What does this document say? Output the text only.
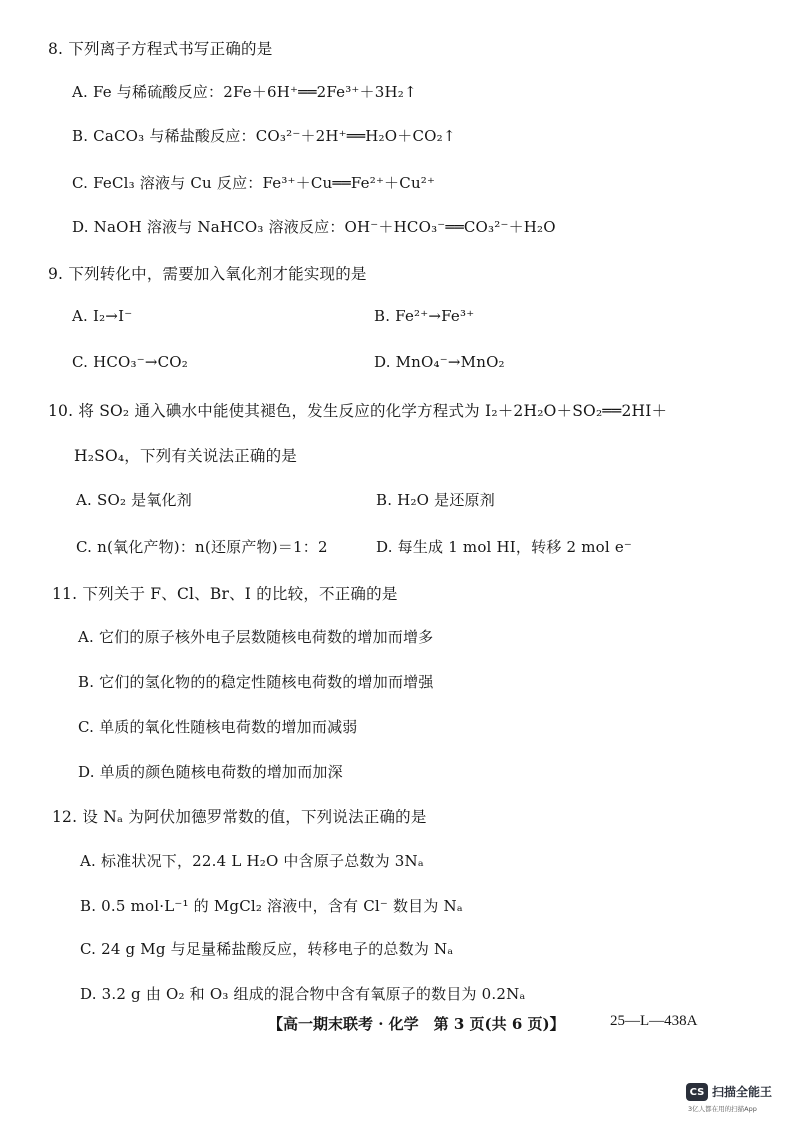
8. 下列离子方程式书写正确的是
A. Fe 与稀硫酸反应：2Fe＋6H⁺══2Fe³⁺＋3H₂↑
B. CaCO₃ 与稀盐酸反应：CO₃²⁻＋2H⁺══H₂O＋CO₂↑
C. FeCl₃ 溶液与 Cu 反应：Fe³⁺＋Cu══Fe²⁺＋Cu²⁺
D. NaOH 溶液与 NaHCO₃ 溶液反应：OH⁻＋HCO₃⁻══CO₃²⁻＋H₂O
9. 下列转化中，需要加入氧化剂才能实现的是
A. I₂→I⁻	B. Fe²⁺→Fe³⁺
C. HCO₃⁻→CO₂	D. MnO₄⁻→MnO₂
10. 将 SO₂ 通入碘水中能使其褪色，发生反应的化学方程式为 I₂＋2H₂O＋SO₂══2HI＋
H₂SO₄，下列有关说法正确的是
A. SO₂ 是氧化剂	B. H₂O 是还原剂
C. n(氧化产物)：n(还原产物)＝1：2	D. 每生成 1 mol HI，转移 2 mol e⁻
11. 下列关于 F、Cl、Br、I 的比较，不正确的是
A. 它们的原子核外电子层数随核电荷数的增加而增多
B. 它们的氢化物的的稳定性随核电荷数的增加而增强
C. 单质的氧化性随核电荷数的增加而减弱
D. 单质的颜色随核电荷数的增加而加深
12. 设 Nₐ 为阿伏加德罗常数的值，下列说法正确的是
A. 标准状况下，22.4 L H₂O 中含原子总数为 3Nₐ
B. 0.5 mol·L⁻¹ 的 MgCl₂ 溶液中，含有 Cl⁻ 数目为 Nₐ
C. 24 g Mg 与足量稀盐酸反应，转移电子的总数为 Nₐ
D. 3.2 g 由 O₂ 和 O₃ 组成的混合物中含有氧原子的数目为 0.2Nₐ
【高一期末联考 · 化学　第 3 页(共 6 页)】	25—L—438A
CS 扫描全能王
3亿人都在用的扫描App
